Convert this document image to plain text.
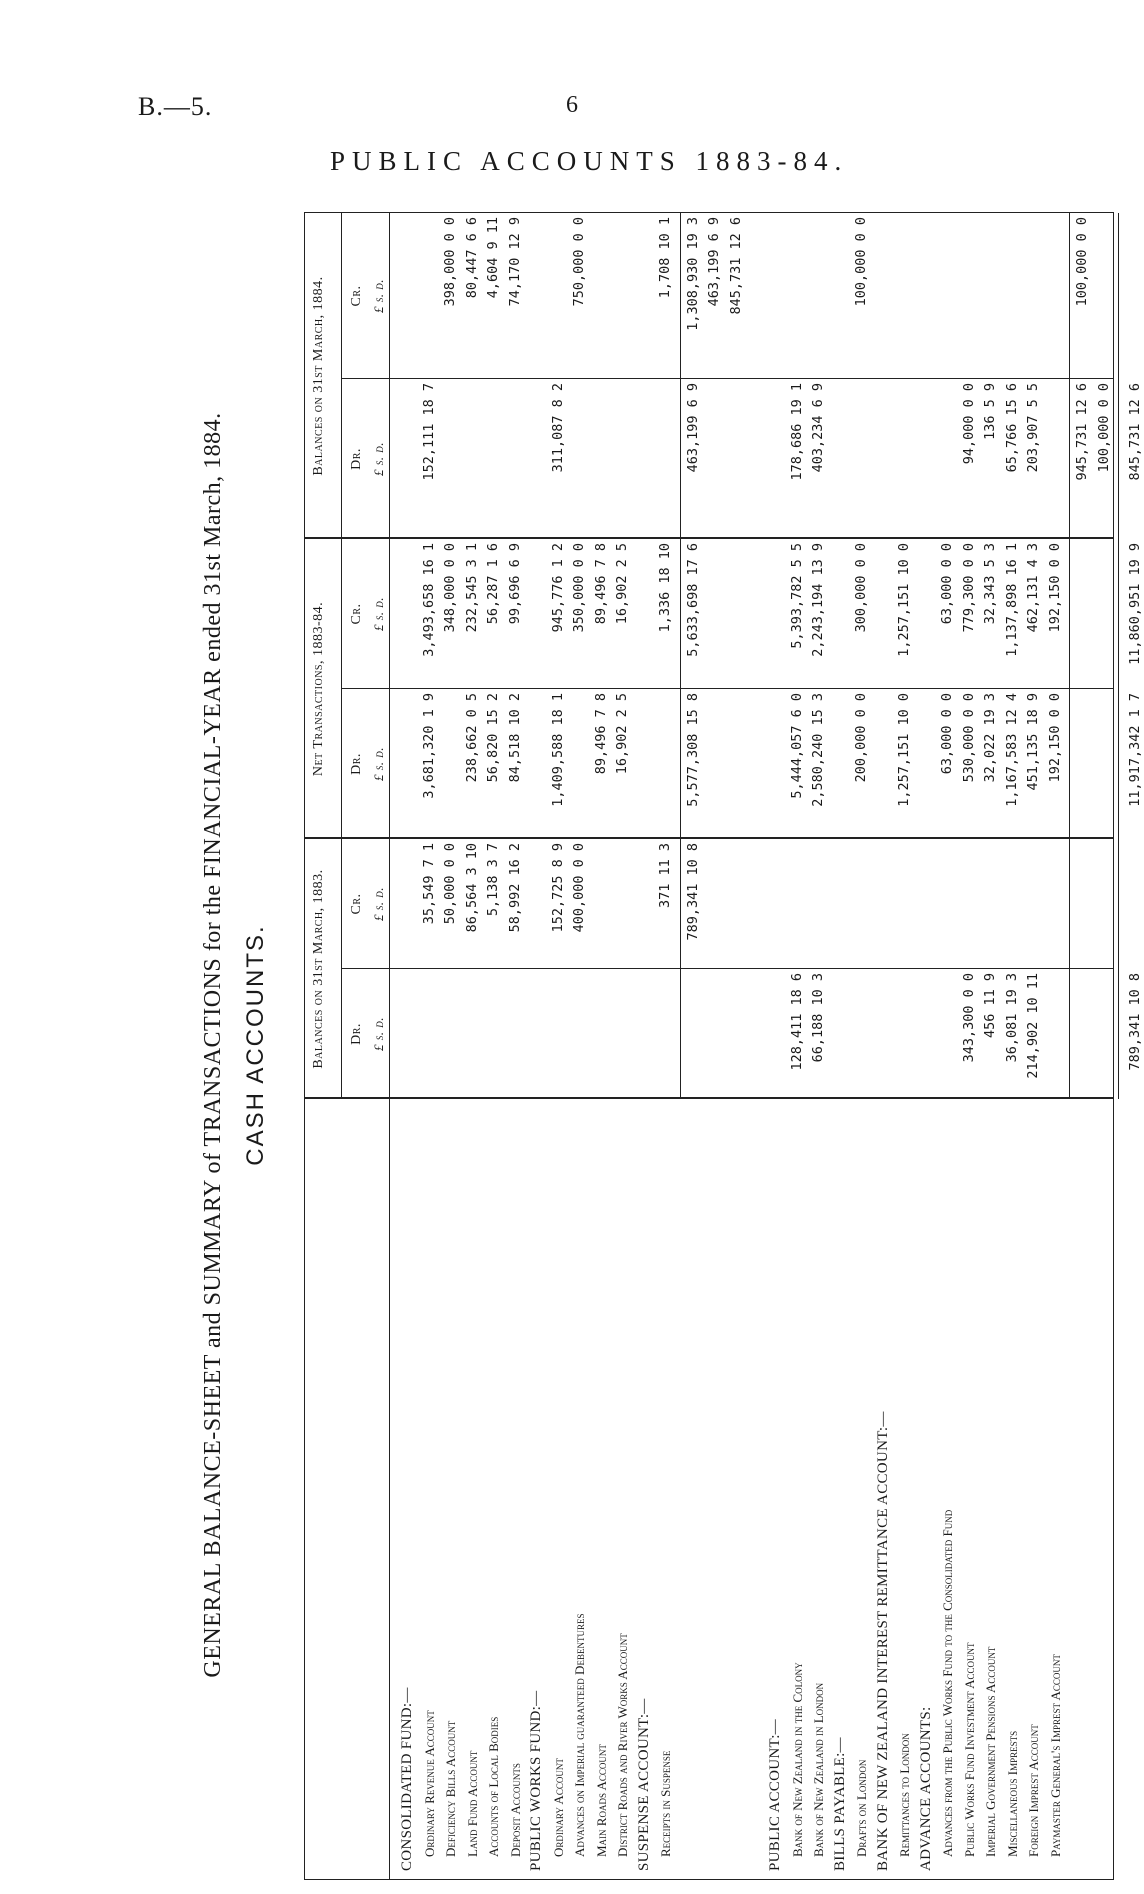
B.—5.	6
PUBLIC ACCOUNTS 1883-84.
GENERAL BALANCE-SHEET and SUMMARY of TRANSACTIONS for the FINANCIAL-YEAR ended 31st March, 1884. CASH ACCOUNTS.	Balances on 31st March, 1883.
Net Transactions, 1883-84.
Balances on 31st March, 1884.
Dr.
Cr.
Dr.
Cr.
Dr.
Cr.
£ s. d.
£ s. d.
£ s. d.
£ s. d.
£ s. d.
£ s. d.
CONSOLIDATED FUND:— Ordinary Revenue Account
35,549 7 1
3,681,320 1 9
3,493,658 16 1
152,111 18 7
Deficiency Bills Account
50,000 0 0
348,000 0 0
398,000 0 0
Land Fund Account
86,564 3 10
238,662 0 5
232,545 3 1
80,447 6 6
Accounts of Local Bodies
5,138 3 7
56,820 15 2
56,287 1 6
4,604 9 11
Deposit Accounts
58,992 16 2
84,518 10 2
99,696 6 9
74,170 12 9
PUBLIC WORKS FUND:— Ordinary Account
152,725 8 9
1,409,588 18 1
945,776 1 2
311,087 8 2
Advances on Imperial guaranteed Debentures
400,000 0 0
350,000 0 0
750,000 0 0
Main Roads Account
89,496 7 8
89,496 7 8
District Roads and River Works Account
16,902 2 5
16,902 2 5
SUSPENSE ACCOUNT:— Receipts in Suspense
371 11 3
1,336 18 10
1,708 10 1
789,341 10 8
5,577,308 15 8
5,633,698 17 6
463,199 6 9
1,308,930 19 3 463,199 6 9 845,731 12 6
PUBLIC ACCOUNT:— Bank of New Zealand in the Colony
128,411 18 6
5,444,057 6 0
5,393,782 5 5
178,686 19 1
Bank of New Zealand in London
66,188 10 3
2,580,240 15 3
2,243,194 13 9
403,234 6 9
BILLS PAYABLE:— Drafts on London
200,000 0 0
300,000 0 0
100,000 0 0
BANK OF NEW ZEALAND INTEREST REMITTANCE ACCOUNT:— Remittances to London
1,257,151 10 0
1,257,151 10 0
ADVANCE ACCOUNTS: Advances from the Public Works Fund to the Consolidated Fund
63,000 0 0
63,000 0 0
Public Works Fund Investment Account
343,300 0 0
530,000 0 0
779,300 0 0
94,000 0 0
Imperial Government Pensions Account
456 11 9
32,022 19 3
32,343 5 3
136 5 9
Miscellaneous Imprests
36,081 19 3
1,167,583 12 4
1,137,898 16 1
65,766 15 6
Foreign Imprest Account
214,902 10 11
451,135 18 9
462,131 4 3
203,907 5 5
Paymaster General's Imprest Account
192,150 0 0
192,150 0 0
945,731 12 6
100,000 0 0
100,000 0 0
789,341 10 8
11,917,342 1 7
11,860,951 19 9
845,731 12 6
